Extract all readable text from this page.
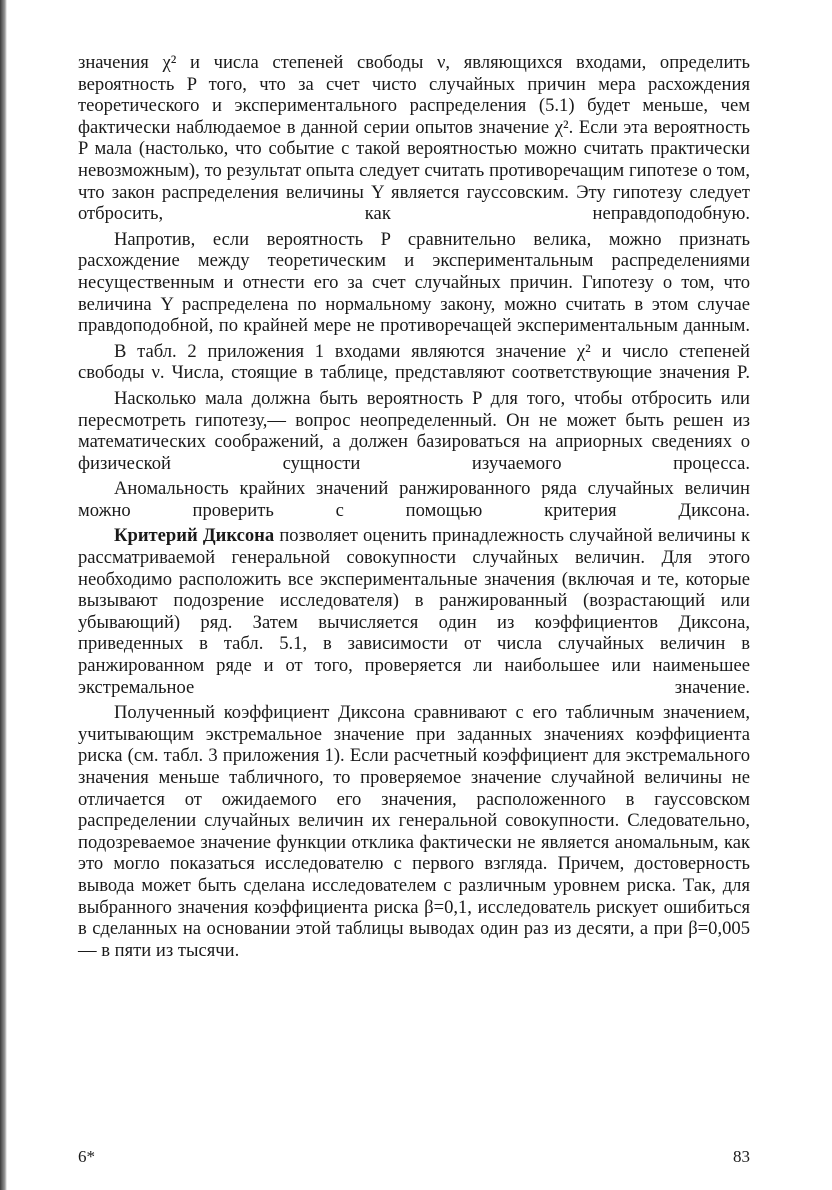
значения χ² и числа степеней свободы ν, являющихся входами, определить вероятность P того, что за счет чисто случайных причин мера расхождения теоретического и экспериментального распределения (5.1) будет меньше, чем фактически наблюдаемое в данной серии опытов значение χ². Если эта вероятность P мала (настолько, что событие с такой вероятностью можно считать практически невозможным), то результат опыта следует считать противоречащим гипотезе о том, что закон распределения величины Y является гауссовским. Эту гипотезу следует отбросить, как неправдоподобную.

Напротив, если вероятность P сравнительно велика, можно признать расхождение между теоретическим и экспериментальным распределениями несущественным и отнести его за счет случайных причин. Гипотезу о том, что величина Y распределена по нормальному закону, можно считать в этом случае правдоподобной, по крайней мере не противоречащей экспериментальным данным.

В табл. 2 приложения 1 входами являются значение χ² и число степеней свободы ν. Числа, стоящие в таблице, представляют соответствующие значения P.

Насколько мала должна быть вероятность P для того, чтобы отбросить или пересмотреть гипотезу,— вопрос неопределенный. Он не может быть решен из математических соображений, а должен базироваться на априорных сведениях о физической сущности изучаемого процесса.

Аномальность крайних значений ранжированного ряда случайных величин можно проверить с помощью критерия Диксона.

Критерий Диксона позволяет оценить принадлежность случайной величины к рассматриваемой генеральной совокупности случайных величин. Для этого необходимо расположить все экспериментальные значения (включая и те, которые вызывают подозрение исследователя) в ранжированный (возрастающий или убывающий) ряд. Затем вычисляется один из коэффициентов Диксона, приведенных в табл. 5.1, в зависимости от числа случайных величин в ранжированном ряде и от того, проверяется ли наибольшее или наименьшее экстремальное значение.

Полученный коэффициент Диксона сравнивают с его табличным значением, учитывающим экстремальное значение при заданных значениях коэффициента риска (см. табл. 3 приложения 1). Если расчетный коэффициент для экстремального значения меньше табличного, то проверяемое значение случайной величины не отличается от ожидаемого его значения, расположенного в гауссовском распределении случайных величин их генеральной совокупности. Следовательно, подозреваемое значение функции отклика фактически не является аномальным, как это могло показаться исследователю с первого взгляда. Причем, достоверность вывода может быть сделана исследователем с различным уровнем риска. Так, для выбранного значения коэффициента риска β=0,1, исследователь рискует ошибиться в сделанных на основании этой таблицы выводах один раз из десяти, а при β=0,005 — в пяти из тысячи.

6*	83
